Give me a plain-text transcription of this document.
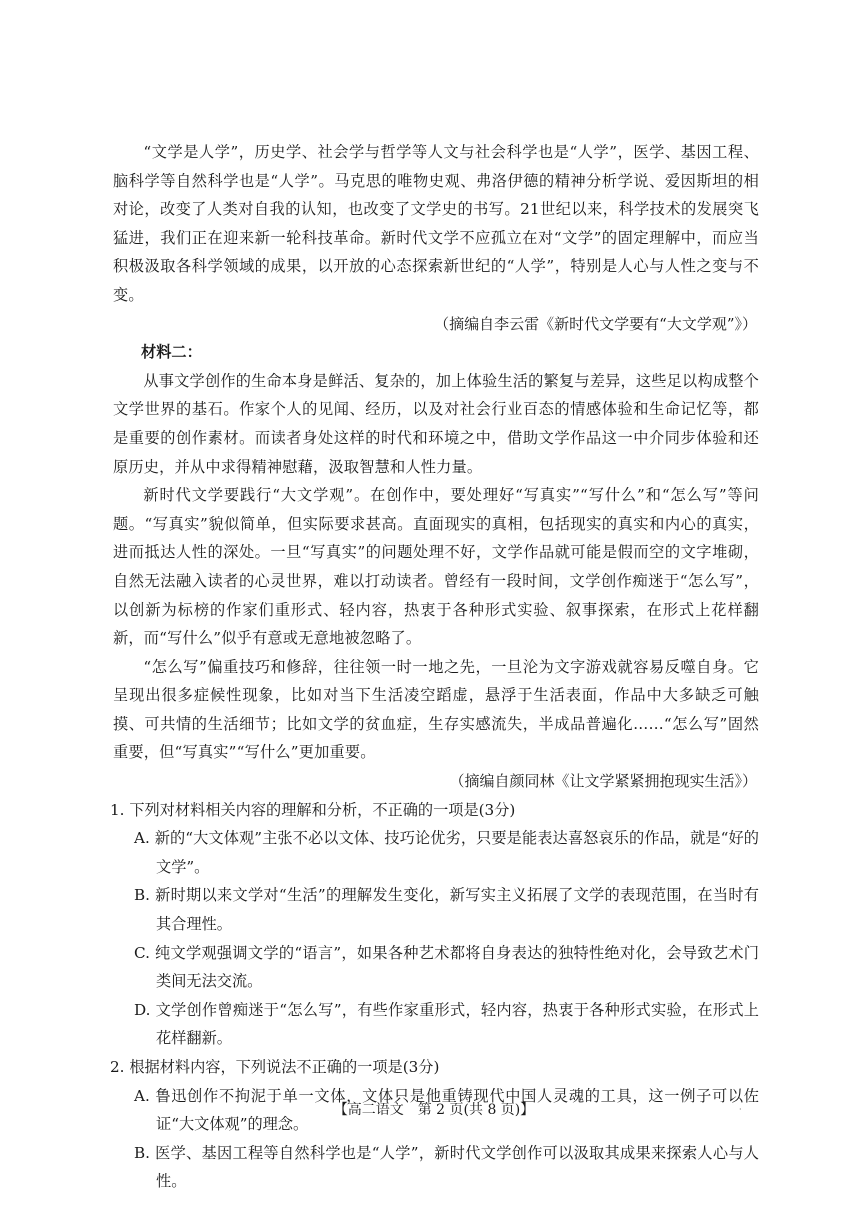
“文学是人学”，历史学、社会学与哲学等人文与社会科学也是“人学”，医学、基因工程、脑科学等自然科学也是“人学”。马克思的唯物史观、弗洛伊德的精神分析学说、爱因斯坦的相对论，改变了人类对自我的认知，也改变了文学史的书写。21世纪以来，科学技术的发展突飞猛进，我们正在迎来新一轮科技革命。新时代文学不应孤立在对“文学”的固定理解中，而应当积极汲取各科学领域的成果，以开放的心态探索新世纪的“人学”，特别是人心与人性之变与不变。

（摘编自李云雷《新时代文学要有“大文学观”》）

材料二：

从事文学创作的生命本身是鲜活、复杂的，加上体验生活的繁复与差异，这些足以构成整个文学世界的基石。作家个人的见闻、经历，以及对社会行业百态的情感体验和生命记忆等，都是重要的创作素材。而读者身处这样的时代和环境之中，借助文学作品这一中介同步体验和还原历史，并从中求得精神慰藉，汲取智慧和人性力量。

新时代文学要践行“大文学观”。在创作中，要处理好“写真实”“写什么”和“怎么写”等问题。“写真实”貌似简单，但实际要求甚高。直面现实的真相，包括现实的真实和内心的真实，进而抵达人性的深处。一旦“写真实”的问题处理不好，文学作品就可能是假而空的文字堆砌，自然无法融入读者的心灵世界，难以打动读者。曾经有一段时间，文学创作痴迷于“怎么写”，以创新为标榜的作家们重形式、轻内容，热衷于各种形式实验、叙事探索，在形式上花样翻新，而“写什么”似乎有意或无意地被忽略了。

“怎么写”偏重技巧和修辞，往往领一时一地之先，一旦沦为文字游戏就容易反噬自身。它呈现出很多症候性现象，比如对当下生活凌空蹈虚，悬浮于生活表面，作品中大多缺乏可触摸、可共情的生活细节；比如文学的贫血症，生存实感流失，半成品普遍化……“怎么写”固然重要，但“写真实”“写什么”更加重要。

（摘编自颜同林《让文学紧紧拥抱现实生活》）

1. 下列对材料相关内容的理解和分析，不正确的一项是(3分)

A. 新的“大文体观”主张不必以文体、技巧论优劣，只要是能表达喜怒哀乐的作品，就是“好的文学”。

B. 新时期以来文学对“生活”的理解发生变化，新写实主义拓展了文学的表现范围，在当时有其合理性。

C. 纯文学观强调文学的“语言”，如果各种艺术都将自身表达的独特性绝对化，会导致艺术门类间无法交流。

D. 文学创作曾痴迷于“怎么写”，有些作家重形式，轻内容，热衷于各种形式实验，在形式上花样翻新。

2. 根据材料内容，下列说法不正确的一项是(3分)

A. 鲁迅创作不拘泥于单一文体，文体只是他重铸现代中国人灵魂的工具，这一例子可以佐证“大文体观”的理念。

B. 医学、基因工程等自然科学也是“人学”，新时代文学创作可以汲取其成果来探索人心与人性。

【高二语文　第 2 页(共 8 页)】	·
